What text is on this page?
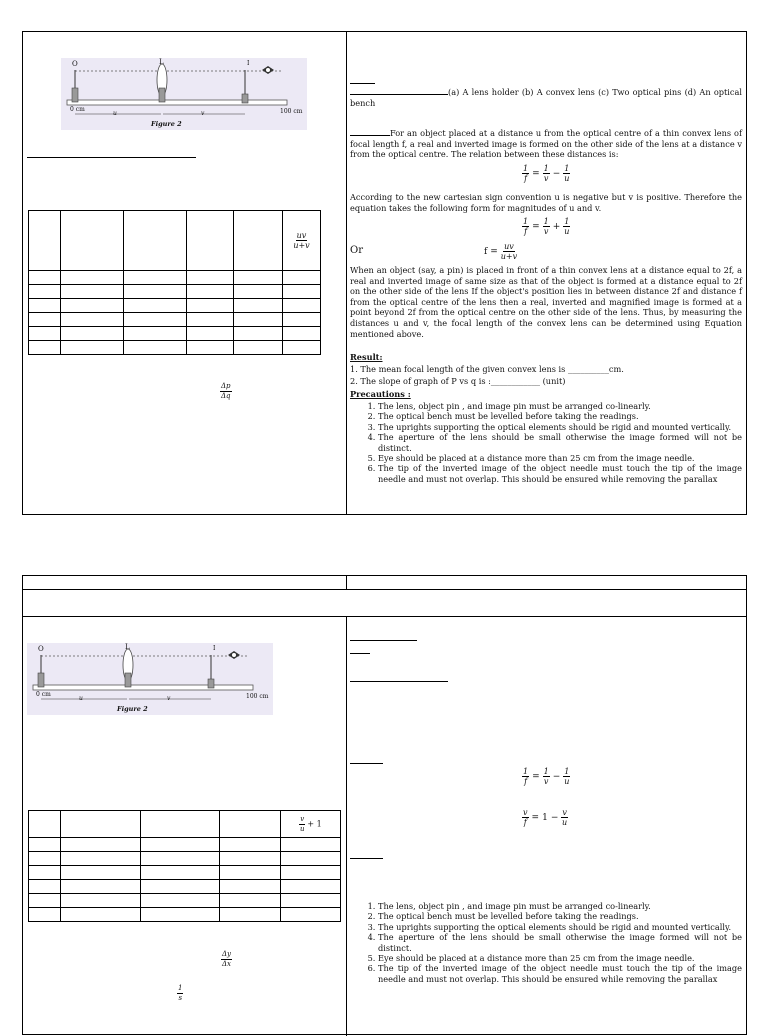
O	L	I
0 cm	100 cm
u	v
Figure 2

					$\frac{uv}{u+v}$

$\frac{\Delta p}{\Delta q}$
(a) A lens holder (b) A convex lens (c) Two optical pins (d) An optical bench
For an object placed at a distance u from the optical centre of a thin convex lens of focal length f, a real and inverted image is formed on the other side of the lens at a distance v from the optical centre. The relation between these distances is:
$\frac{1}{f} = \frac{1}{v} - \frac{1}{u}$
According to the new cartesian sign convention u is negative but v is positive. Therefore the equation takes the following form for magnitudes of u and v.
$\frac{1}{f} = \frac{1}{v} + \frac{1}{u}$
Or	$f = \frac{uv}{u+v}$
When an object (say, a pin) is placed in front of a thin convex lens at a distance equal to 2f, a real and inverted image of same size as that of the object is formed at a distance equal to 2f on the other side of the lens If the object's position lies in between distance 2f and distance f from the optical centre of the lens then a real, inverted and magnified image is formed at a point beyond 2f from the optical centre on the other side of the lens. Thus, by measuring the distances u and v, the focal length of the convex lens can be determined using Equation mentioned above.
Result:
1. The mean focal length of the given convex lens is __________cm.
2. The slope of graph of P vs q is :____________ (unit)
Precautions :
1. The lens, object pin , and image pin must be arranged co-linearly.
2. The optical bench must be levelled before taking the readings.
3. The uprights supporting the optical elements should be rigid and mounted vertically.
4. The aperture of the lens should be small otherwise the image formed will not be distinct.
5. Eye should be placed at a distance more than 25 cm from the image needle.
6. The tip of the inverted image of the object needle must touch the tip of the image needle and must not overlap. This should be ensured while removing the parallax
O	L	I
0 cm	100 cm
u	v
Figure 2

				$\frac{v}{u} + 1$

$\frac{\Delta y}{\Delta x}$
$\frac{1}{s}$
$\frac{1}{f} = \frac{1}{v} - \frac{1}{u}$
$\frac{v}{f} = 1 - \frac{v}{u}$
1. The lens, object pin , and image pin must be arranged co-linearly.
2. The optical bench must be levelled before taking the readings.
3. The uprights supporting the optical elements should be rigid and mounted vertically.
4. The aperture of the lens should be small otherwise the image formed will not be distinct.
5. Eye should be placed at a distance more than 25 cm from the image needle.
6. The tip of the inverted image of the object needle must touch the tip of the image needle and must not overlap. This should be ensured while removing the parallax
